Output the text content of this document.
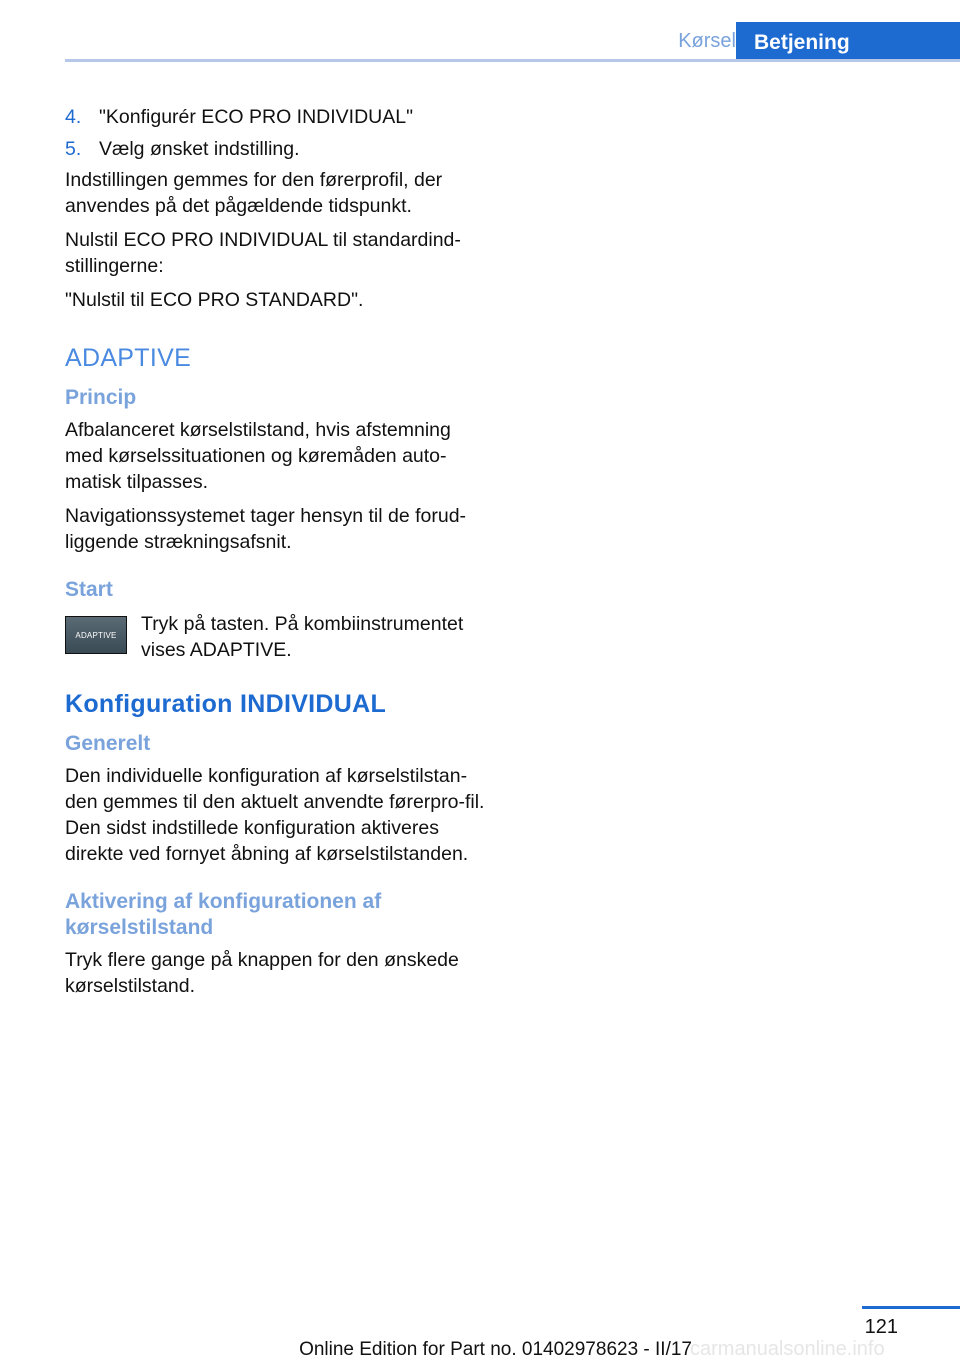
Kørsel Betjening
4. "Konfigurér ECO PRO INDIVIDUAL"
5. Vælg ønsket indstilling.

Indstillingen gemmes for den førerprofil, der anvendes på det pågældende tidspunkt.

Nulstil ECO PRO INDIVIDUAL til standardind-stillingerne:

"Nulstil til ECO PRO STANDARD".

ADAPTIVE
Princip

Afbalanceret kørselstilstand, hvis afstemning med kørselssituationen og køremåden auto-matisk tilpasses.

Navigationssystemet tager hensyn til de forud-liggende strækningsafsnit.

Start
ADAPTIVE Tryk på tasten. På kombiinstrumentet vises ADAPTIVE.

Konfiguration INDIVIDUAL
Generelt

Den individuelle konfiguration af kørselstilstan-den gemmes til den aktuelt anvendte førerpro-fil. Den sidst indstillede konfiguration aktiveres direkte ved fornyet åbning af kørselstilstanden.

Aktivering af konfigurationen af kørselstilstand

Tryk flere gange på knappen for den ønskede kørselstilstand.

121
carmanualsonline.info
Online Edition for Part no. 01402978623 - II/17
